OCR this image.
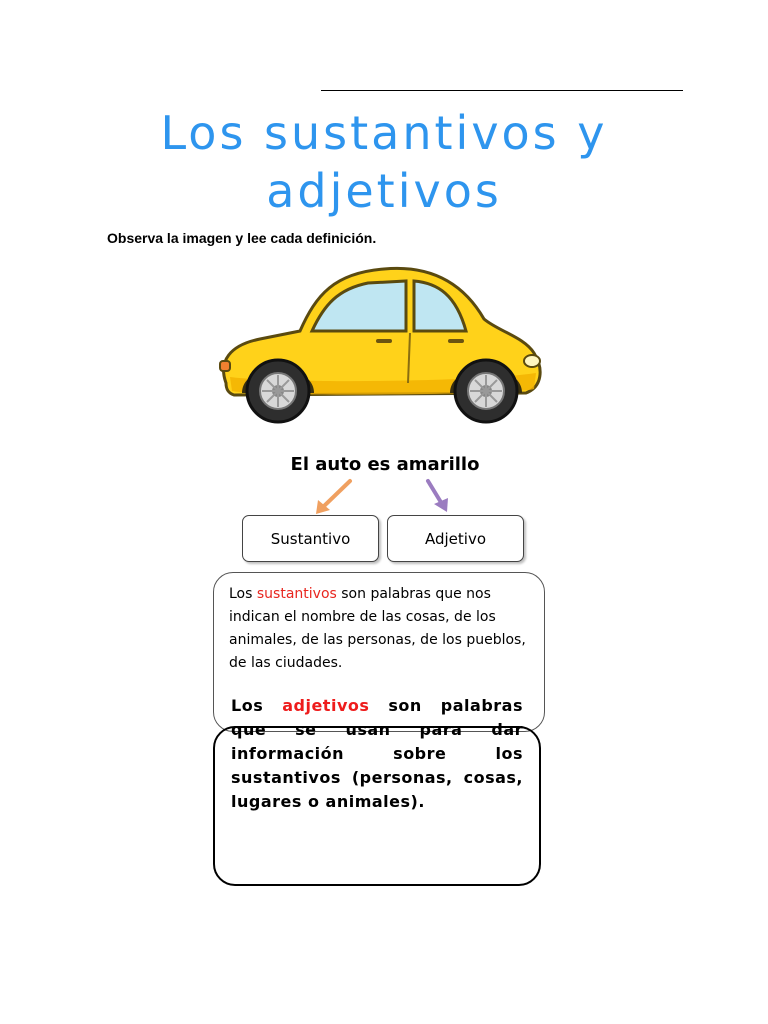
Los sustantivos y adjetivos
Observa la imagen y lee cada definición.
El auto es amarillo
Sustantivo	Adjetivo
Los sustantivos son palabras que nos indican el nombre de las cosas, de los animales, de las personas, de los pueblos, de las ciudades.
Los adjetivos son palabras que se usan para dar información sobre los sustantivos (personas, cosas, lugares o animales).
